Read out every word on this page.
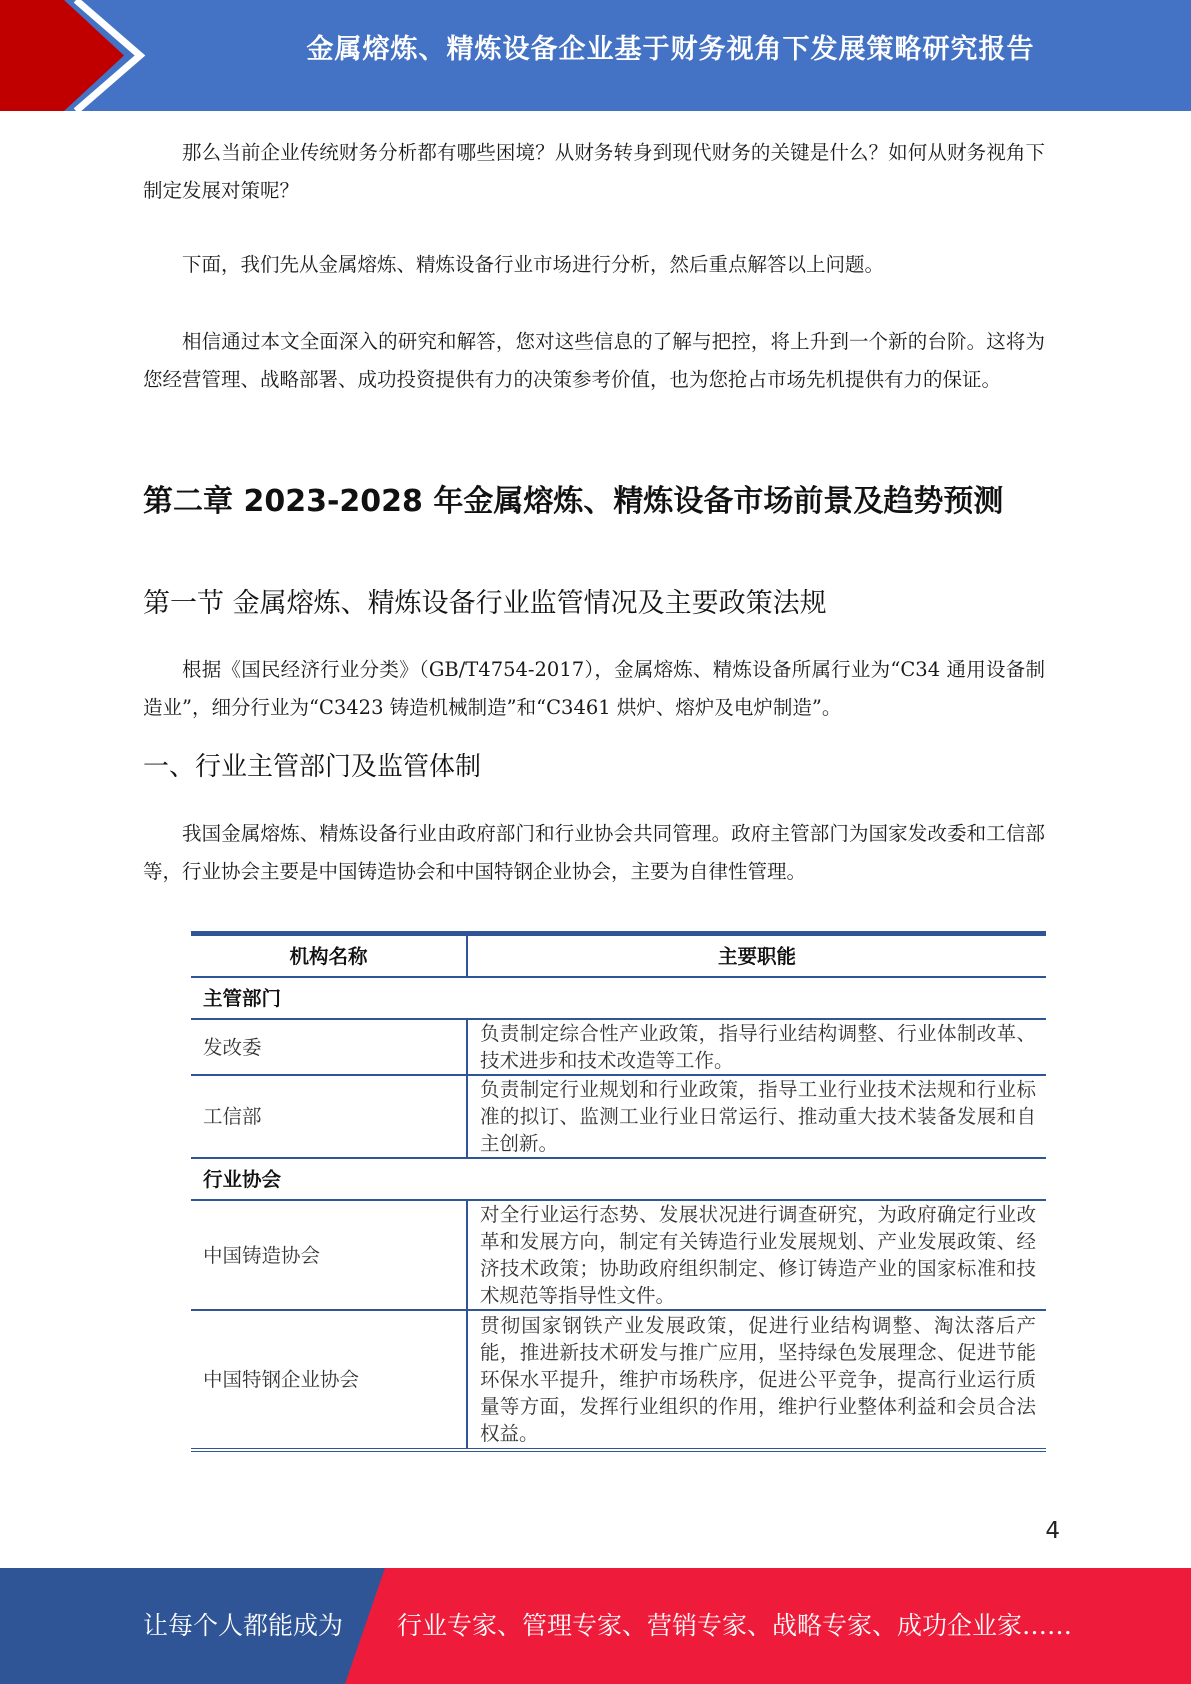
金属熔炼、精炼设备企业基于财务视角下发展策略研究报告

那么当前企业传统财务分析都有哪些困境？从财务转身到现代财务的关键是什么？如何从财务视角下制定发展对策呢？

下面，我们先从金属熔炼、精炼设备行业市场进行分析，然后重点解答以上问题。

相信通过本文全面深入的研究和解答，您对这些信息的了解与把控，将上升到一个新的台阶。这将为您经营管理、战略部署、成功投资提供有力的决策参考价值，也为您抢占市场先机提供有力的保证。

第二章 2023-2028 年金属熔炼、精炼设备市场前景及趋势预测
第一节 金属熔炼、精炼设备行业监管情况及主要政策法规

根据《国民经济行业分类》（GB/T4754-2017），金属熔炼、精炼设备所属行业为“C34 通用设备制造业”，细分行业为“C3423 铸造机械制造”和“C3461 烘炉、熔炉及电炉制造”。

一、行业主管部门及监管体制

我国金属熔炼、精炼设备行业由政府部门和行业协会共同管理。政府主管部门为国家发改委和工信部等，行业协会主要是中国铸造协会和中国特钢企业协会，主要为自律性管理。

机构名称	主要职能
主管部门	
发改委	负责制定综合性产业政策，指导行业结构调整、行业体制改革、技术进步和技术改造等工作。
工信部	负责制定行业规划和行业政策，指导工业行业技术法规和行业标准的拟订、监测工业行业日常运行、推动重大技术装备发展和自主创新。
行业协会	
中国铸造协会	对全行业运行态势、发展状况进行调查研究，为政府确定行业改革和发展方向，制定有关铸造行业发展规划、产业发展政策、经济技术政策；协助政府组织制定、修订铸造产业的国家标准和技术规范等指导性文件。
中国特钢企业协会	贯彻国家钢铁产业发展政策，促进行业结构调整、淘汰落后产能，推进新技术研发与推广应用，坚持绿色发展理念、促进节能环保水平提升，维护市场秩序，促进公平竞争，提高行业运行质量等方面，发挥行业组织的作用，维护行业整体利益和会员合法权益。
4
让每个人都能成为 行业专家、管理专家、营销专家、战略专家、成功企业家……
